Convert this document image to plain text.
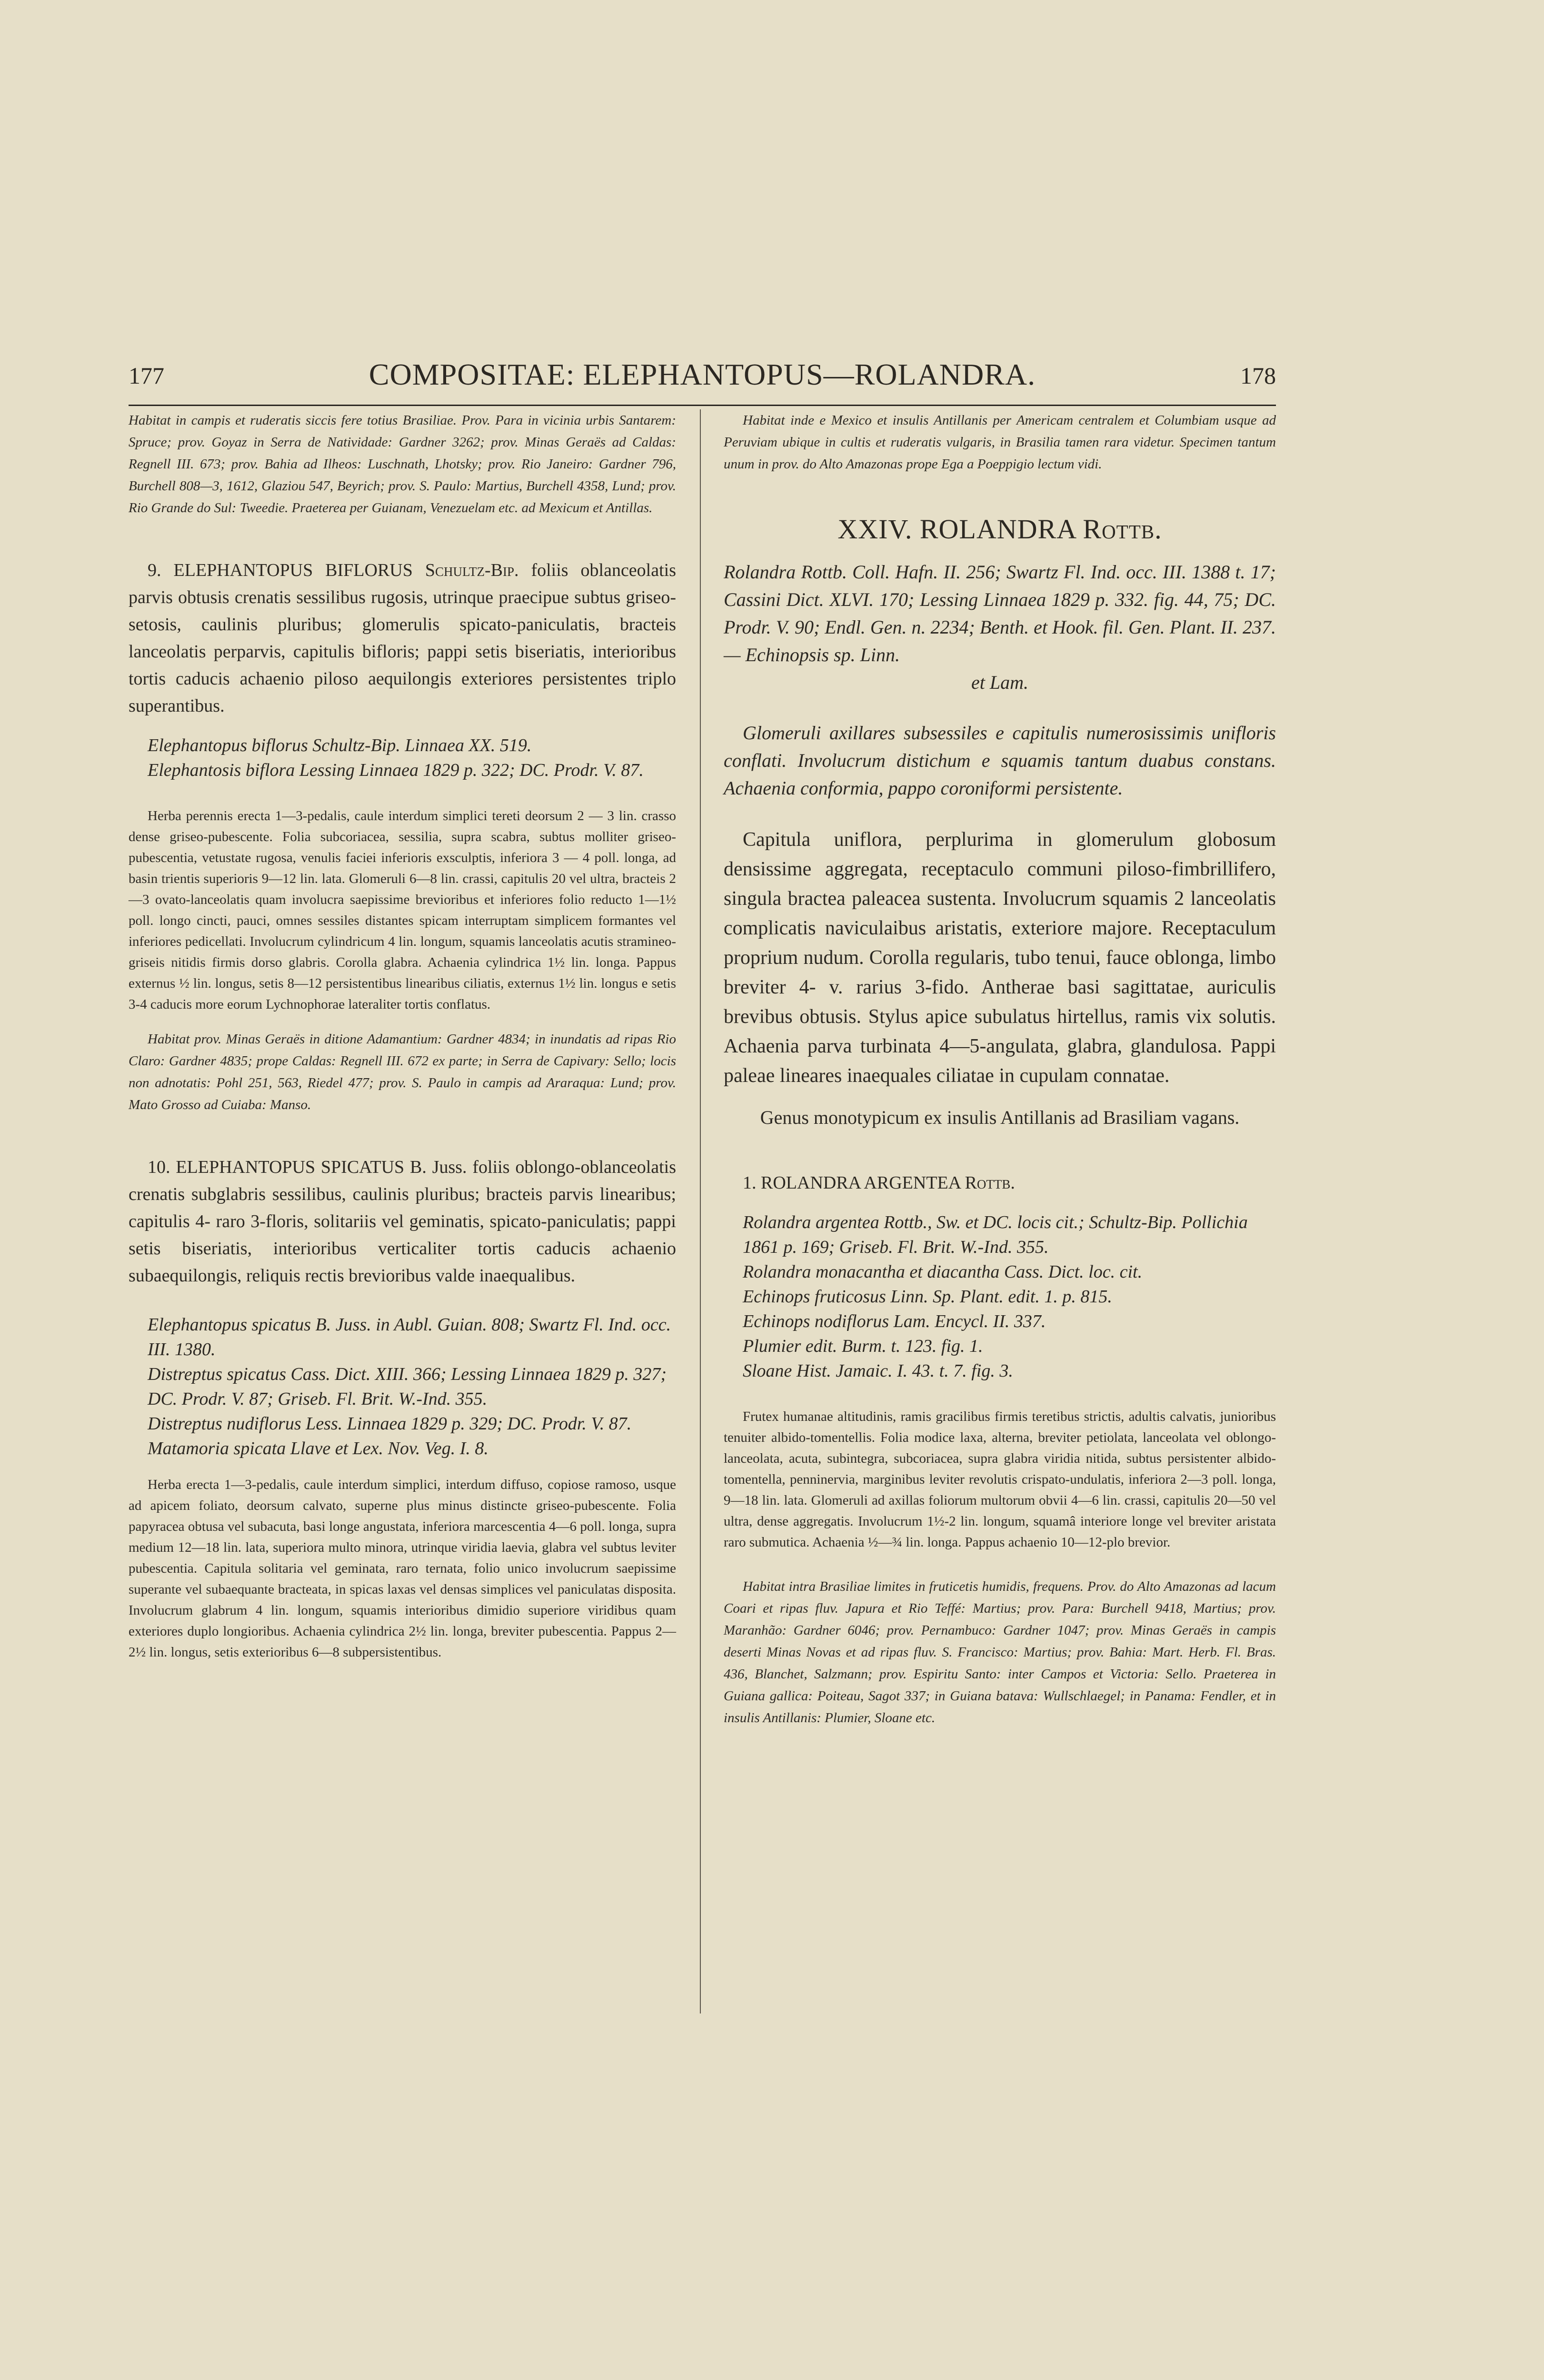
177	COMPOSITAE: ELEPHANTOPUS—ROLANDRA.	178

Habitat in campis et ruderatis siccis fere totius Brasiliae. Prov. Para in vicinia urbis Santarem: Spruce; prov. Goyaz in Serra de Natividade: Gardner 3262; prov. Minas Geraës ad Caldas: Regnell III. 673; prov. Bahia ad Ilheos: Luschnath, Lhotsky; prov. Rio Janeiro: Gardner 796, Burchell 808—3, 1612, Glaziou 547, Beyrich; prov. S. Paulo: Martius, Burchell 4358, Lund; prov. Rio Grande do Sul: Tweedie. Praeterea per Guianam, Venezuelam etc. ad Mexicum et Antillas.

9. ELEPHANTOPUS BIFLORUS Schultz-Bip. foliis oblanceolatis parvis obtusis crenatis sessilibus rugosis, utrinque praecipue subtus griseo-setosis, caulinis pluribus; glomerulis spicato-paniculatis, bracteis lanceolatis perparvis, capitulis bifloris; pappi setis biseriatis, interioribus tortis caducis achaenio piloso aequilongis exteriores persistentes triplo superantibus.

Elephantopus biflorus Schultz-Bip. Linnaea XX. 519.

Elephantosis biflora Lessing Linnaea 1829 p. 322; DC. Prodr. V. 87.

Herba perennis erecta 1—3-pedalis, caule interdum simplici tereti deorsum 2 — 3 lin. crasso dense griseo-pubescente. Folia subcoriacea, sessilia, supra scabra, subtus molliter griseo-pubescentia, vetustate rugosa, venulis faciei inferioris exsculptis, inferiora 3 — 4 poll. longa, ad basin trientis superioris 9—12 lin. lata. Glomeruli 6—8 lin. crassi, capitulis 20 vel ultra, bracteis 2—3 ovato-lanceolatis quam involucra saepissime brevioribus et inferiores folio reducto 1—1½ poll. longo cincti, pauci, omnes sessiles distantes spicam interruptam simplicem formantes vel inferiores pedicellati. Involucrum cylindricum 4 lin. longum, squamis lanceolatis acutis stramineo-griseis nitidis firmis dorso glabris. Corolla glabra. Achaenia cylindrica 1½ lin. longa. Pappus externus ½ lin. longus, setis 8—12 persistentibus linearibus ciliatis, externus 1½ lin. longus e setis 3-4 caducis more eorum Lychnophorae lateraliter tortis conflatus.

Habitat prov. Minas Geraës in ditione Adamantium: Gardner 4834; in inundatis ad ripas Rio Claro: Gardner 4835; prope Caldas: Regnell III. 672 ex parte; in Serra de Capivary: Sello; locis non adnotatis: Pohl 251, 563, Riedel 477; prov. S. Paulo in campis ad Araraqua: Lund; prov. Mato Grosso ad Cuiaba: Manso.

10. ELEPHANTOPUS SPICATUS B. Juss. foliis oblongo-oblanceolatis crenatis subglabris sessilibus, caulinis pluribus; bracteis parvis linearibus; capitulis 4- raro 3-floris, solitariis vel geminatis, spicato-paniculatis; pappi setis biseriatis, interioribus verticaliter tortis caducis achaenio subaequilongis, reliquis rectis brevioribus valde inaequalibus.

Elephantopus spicatus B. Juss. in Aubl. Guian. 808; Swartz Fl. Ind. occ. III. 1380.

Distreptus spicatus Cass. Dict. XIII. 366; Lessing Linnaea 1829 p. 327; DC. Prodr. V. 87; Griseb. Fl. Brit. W.-Ind. 355.

Distreptus nudiflorus Less. Linnaea 1829 p. 329; DC. Prodr. V. 87.

Matamoria spicata Llave et Lex. Nov. Veg. I. 8.

Herba erecta 1—3-pedalis, caule interdum simplici, interdum diffuso, copiose ramoso, usque ad apicem foliato, deorsum calvato, superne plus minus distincte griseo-pubescente. Folia papyracea obtusa vel subacuta, basi longe angustata, inferiora marcescentia 4—6 poll. longa, supra medium 12—18 lin. lata, superiora multo minora, utrinque viridia laevia, glabra vel subtus leviter pubescentia. Capitula solitaria vel geminata, raro ternata, folio unico involucrum saepissime superante vel subaequante bracteata, in spicas laxas vel densas simplices vel paniculatas disposita. Involucrum glabrum 4 lin. longum, squamis interioribus dimidio superiore viridibus quam exteriores duplo longioribus. Achaenia cylindrica 2½ lin. longa, breviter pubescentia. Pappus 2—2½ lin. longus, setis exterioribus 6—8 subpersistentibus.

Habitat inde e Mexico et insulis Antillanis per Americam centralem et Columbiam usque ad Peruviam ubique in cultis et ruderatis vulgaris, in Brasilia tamen rara videtur. Specimen tantum unum in prov. do Alto Amazonas prope Ega a Poeppigio lectum vidi.

XXIV. ROLANDRA Rottb.

Rolandra Rottb. Coll. Hafn. II. 256; Swartz Fl. Ind. occ. III. 1388 t. 17; Cassini Dict. XLVI. 170; Lessing Linnaea 1829 p. 332. fig. 44, 75; DC. Prodr. V. 90; Endl. Gen. n. 2234; Benth. et Hook. fil. Gen. Plant. II. 237. — Echinopsis sp. Linn.
et Lam.

Glomeruli axillares subsessiles e capitulis numerosissimis unifloris conflati. Involucrum distichum e squamis tantum duabus constans. Achaenia conformia, pappo coroniformi persistente.

Capitula uniflora, perplurima in glomerulum globosum densissime aggregata, receptaculo communi piloso-fimbrillifero, singula bractea paleacea sustenta. Involucrum squamis 2 lanceolatis complicatis naviculaibus aristatis, exteriore majore. Receptaculum proprium nudum. Corolla regularis, tubo tenui, fauce oblonga, limbo breviter 4- v. rarius 3-fido. Antherae basi sagittatae, auriculis brevibus obtusis. Stylus apice subulatus hirtellus, ramis vix solutis. Achaenia parva turbinata 4—5-angulata, glabra, glandulosa. Pappi paleae lineares inaequales ciliatae in cupulam connatae.

Genus monotypicum ex insulis Antillanis ad Brasiliam vagans.

1. ROLANDRA ARGENTEA Rottb.

Rolandra argentea Rottb., Sw. et DC. locis cit.; Schultz-Bip. Pollichia 1861 p. 169; Griseb. Fl. Brit. W.-Ind. 355.

Rolandra monacantha et diacantha Cass. Dict. loc. cit.

Echinops fruticosus Linn. Sp. Plant. edit. 1. p. 815.

Echinops nodiflorus Lam. Encycl. II. 337.

Plumier edit. Burm. t. 123. fig. 1.

Sloane Hist. Jamaic. I. 43. t. 7. fig. 3.

Frutex humanae altitudinis, ramis gracilibus firmis teretibus strictis, adultis calvatis, junioribus tenuiter albido-tomentellis. Folia modice laxa, alterna, breviter petiolata, lanceolata vel oblongo-lanceolata, acuta, subintegra, subcoriacea, supra glabra viridia nitida, subtus persistenter albido-tomentella, penninervia, marginibus leviter revolutis crispato-undulatis, inferiora 2—3 poll. longa, 9—18 lin. lata. Glomeruli ad axillas foliorum multorum obvii 4—6 lin. crassi, capitulis 20—50 vel ultra, dense aggregatis. Involucrum 1½-2 lin. longum, squamâ interiore longe vel breviter aristata raro submutica. Achaenia ½—¾ lin. longa. Pappus achaenio 10—12-plo brevior.

Habitat intra Brasiliae limites in fruticetis humidis, frequens. Prov. do Alto Amazonas ad lacum Coari et ripas fluv. Japura et Rio Teffé: Martius; prov. Para: Burchell 9418, Martius; prov. Maranhão: Gardner 6046; prov. Pernambuco: Gardner 1047; prov. Minas Geraës in campis deserti Minas Novas et ad ripas fluv. S. Francisco: Martius; prov. Bahia: Mart. Herb. Fl. Bras. 436, Blanchet, Salzmann; prov. Espiritu Santo: inter Campos et Victoria: Sello. Praeterea in Guiana gallica: Poiteau, Sagot 337; in Guiana batava: Wullschlaegel; in Panama: Fendler, et in insulis Antillanis: Plumier, Sloane etc.
